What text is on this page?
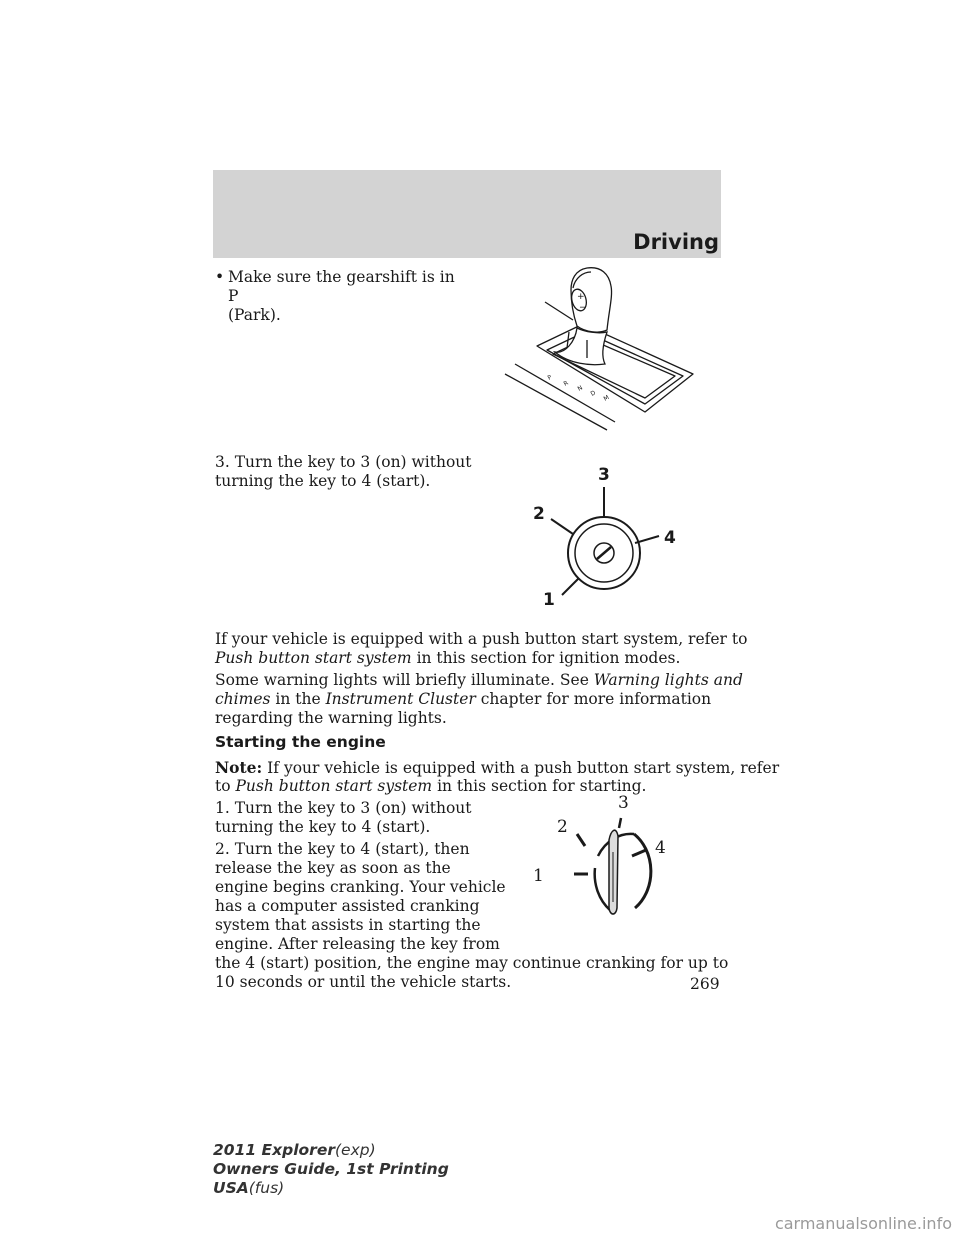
Driving
• Make sure the gearshift is in P
(Park).
+
−
P
R
N
D
M

3. Turn the key to 3 (on) without

turning the key to 4 (start).	3
2
4
1

If your vehicle is equipped with a push button start system, refer to

Push button start system in this section for ignition modes.

Some warning lights will briefly illuminate. See Warning lights and

chimes in the Instrument Cluster chapter for more information

regarding the warning lights.

Starting the engine

Note: If your vehicle is equipped with a push button start system, refer

to Push button start system in this section for starting.

1. Turn the key to 3 (on) without

turning the key to 4 (start).

2. Turn the key to 4 (start), then

release the key as soon as the

engine begins cranking. Your vehicle

has a computer assisted cranking

system that assists in starting the

engine. After releasing the key from

the 4 (start) position, the engine may continue cranking for up to

10 seconds or until the vehicle starts.

3
2
4
1
269
2011 Explorer(exp)
Owners Guide, 1st Printing
USA(fus)
carmanualsonline.info
